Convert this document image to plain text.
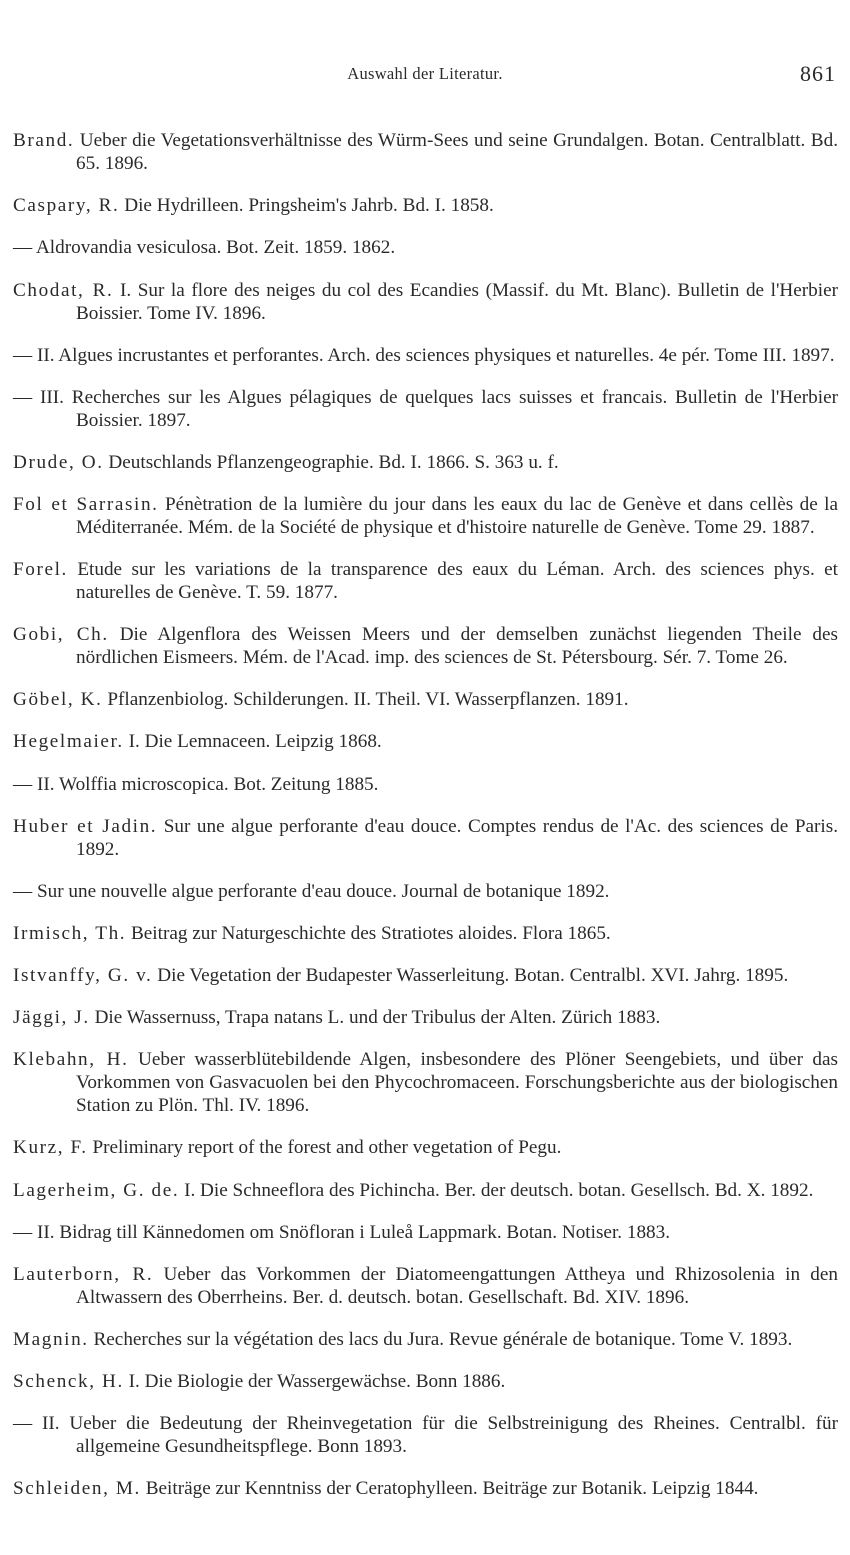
Auswahl der Literatur.	861

Brand. Ueber die Vegetationsverhältnisse des Würm-Sees und seine Grundalgen. Botan. Centralblatt. Bd. 65. 1896.

Caspary, R. Die Hydrilleen. Pringsheim's Jahrb. Bd. I. 1858.

— Aldrovandia vesiculosa. Bot. Zeit. 1859. 1862.

Chodat, R. I. Sur la flore des neiges du col des Ecandies (Massif. du Mt. Blanc). Bulletin de l'Herbier Boissier. Tome IV. 1896.

— II. Algues incrustantes et perforantes. Arch. des sciences physiques et naturelles. 4e pér. Tome III. 1897.

— III. Recherches sur les Algues pélagiques de quelques lacs suisses et francais. Bulletin de l'Herbier Boissier. 1897.

Drude, O. Deutschlands Pflanzengeographie. Bd. I. 1866. S. 363 u. f.

Fol et Sarrasin. Pénètration de la lumière du jour dans les eaux du lac de Genève et dans cellès de la Méditerranée. Mém. de la Société de physique et d'histoire naturelle de Genève. Tome 29. 1887.

Forel. Etude sur les variations de la transparence des eaux du Léman. Arch. des sciences phys. et naturelles de Genève. T. 59. 1877.

Gobi, Ch. Die Algenflora des Weissen Meers und der demselben zunächst liegenden Theile des nördlichen Eismeers. Mém. de l'Acad. imp. des sciences de St. Pétersbourg. Sér. 7. Tome 26.

Göbel, K. Pflanzenbiolog. Schilderungen. II. Theil. VI. Wasserpflanzen. 1891.

Hegelmaier. I. Die Lemnaceen. Leipzig 1868.

— II. Wolffia microscopica. Bot. Zeitung 1885.

Huber et Jadin. Sur une algue perforante d'eau douce. Comptes rendus de l'Ac. des sciences de Paris. 1892.

— Sur une nouvelle algue perforante d'eau douce. Journal de botanique 1892.

Irmisch, Th. Beitrag zur Naturgeschichte des Stratiotes aloides. Flora 1865.

Istvanffy, G. v. Die Vegetation der Budapester Wasserleitung. Botan. Centralbl. XVI. Jahrg. 1895.

Jäggi, J. Die Wassernuss, Trapa natans L. und der Tribulus der Alten. Zürich 1883.

Klebahn, H. Ueber wasserblütebildende Algen, insbesondere des Plöner Seengebiets, und über das Vorkommen von Gasvacuolen bei den Phycochromaceen. Forschungsberichte aus der biologischen Station zu Plön. Thl. IV. 1896.

Kurz, F. Preliminary report of the forest and other vegetation of Pegu.

Lagerheim, G. de. I. Die Schneeflora des Pichincha. Ber. der deutsch. botan. Gesellsch. Bd. X. 1892.

— II. Bidrag till Kännedomen om Snöfloran i Luleå Lappmark. Botan. Notiser. 1883.

Lauterborn, R. Ueber das Vorkommen der Diatomeengattungen Attheya und Rhizosolenia in den Altwassern des Oberrheins. Ber. d. deutsch. botan. Gesellschaft. Bd. XIV. 1896.

Magnin. Recherches sur la végétation des lacs du Jura. Revue générale de botanique. Tome V. 1893.

Schenck, H. I. Die Biologie der Wassergewächse. Bonn 1886.

— II. Ueber die Bedeutung der Rheinvegetation für die Selbstreinigung des Rheines. Centralbl. für allgemeine Gesundheitspflege. Bonn 1893.

Schleiden, M. Beiträge zur Kenntniss der Ceratophylleen. Beiträge zur Botanik. Leipzig 1844.
